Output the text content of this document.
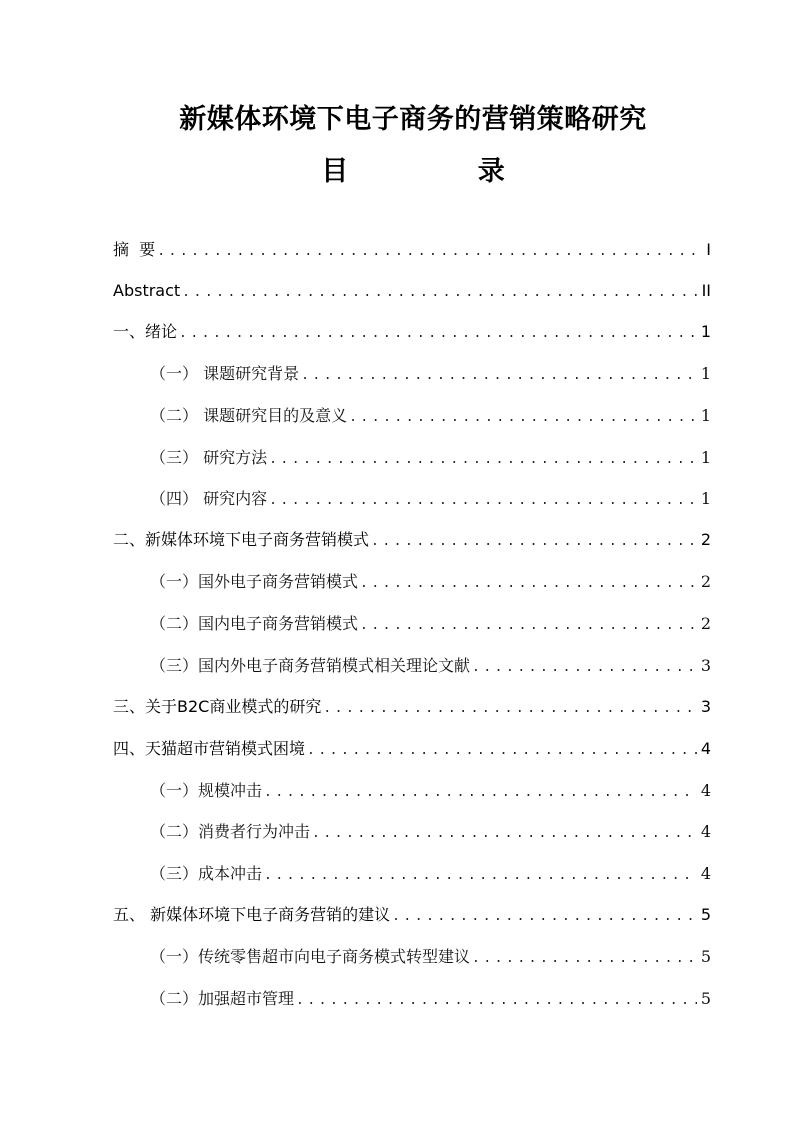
新媒体环境下电子商务的营销策略研究
目 录
摘  要 .....	I
Abstract .....	II
一、绪论 .....	1
（一） 课题研究背景 .....	1
（二） 课题研究目的及意义 .....	1
（三） 研究方法 .....	1
（四） 研究内容 .....	1
二、新媒体环境下电子商务营销模式 .....	2
（一）国外电子商务营销模式 .....	2
（二）国内电子商务营销模式 .....	2
（三）国内外电子商务营销模式相关理论文献 .....	3
三、关于B2C商业模式的研究 .....	3
四、天猫超市营销模式困境 .....	4
（一）规模冲击 .....	4
（二）消费者行为冲击 .....	4
（三）成本冲击 .....	4
五、 新媒体环境下电子商务营销的建议 .....	5
（一）传统零售超市向电子商务模式转型建议 .....	5
（二）加强超市管理 .....	5
